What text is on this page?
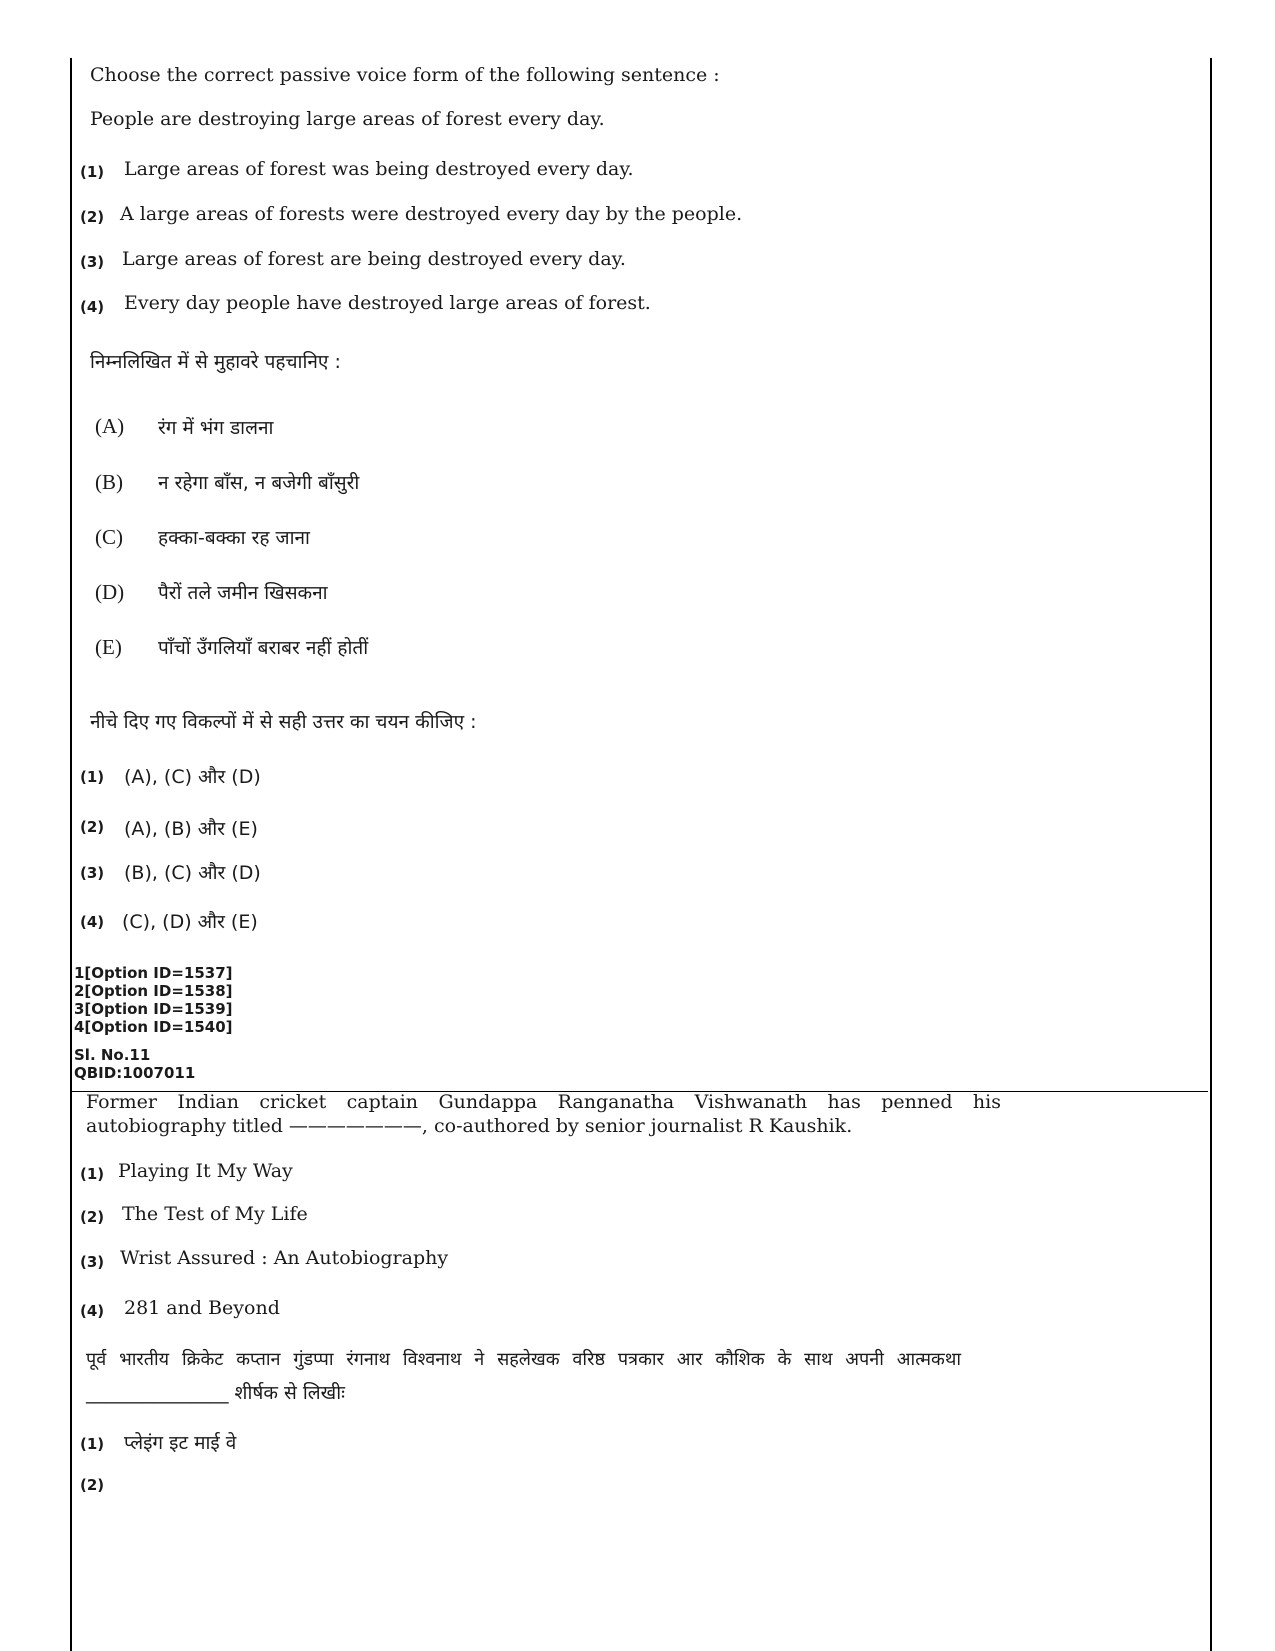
Choose the correct passive voice form of the following sentence :
People are destroying large areas of forest every day.
(1) Large areas of forest was being destroyed every day.
(2) A large areas of forests were destroyed every day by the people.
(3) Large areas of forest are being destroyed every day.
(4) Every day people have destroyed large areas of forest.
निम्नलिखित में से मुहावरे पहचानिए :
(A) रंग में भंग डालना
(B) न रहेगा बाँस, न बजेगी बाँसुरी
(C) हक्का-बक्का रह जाना
(D) पैरों तले जमीन खिसकना
(E) पाँचों उँगलियाँ बराबर नहीं होतीं
नीचे दिए गए विकल्पों में से सही उत्तर का चयन कीजिए :
(1) (A), (C) और (D)
(2) (A), (B) और (E)
(3) (B), (C) और (D)
(4) (C), (D) और (E)
1[Option ID=1537]
2[Option ID=1538]
3[Option ID=1539]
4[Option ID=1540]
Sl. No.11
QBID:1007011
Former Indian cricket captain Gundappa Ranganatha Vishwanath has penned his
autobiography titled ———————, co-authored by senior journalist R Kaushik.
(1) Playing It My Way
(2) The Test of My Life
(3) Wrist Assured : An Autobiography
(4) 281 and Beyond
पूर्व भारतीय क्रिकेट कप्तान गुंडप्पा रंगनाथ विश्वनाथ ने सहलेखक वरिष्ठ पत्रकार आर कौशिक के साथ अपनी आत्मकथा
_______________ शीर्षक से लिखीः
(1) प्लेइंग इट माई वे
(2)
